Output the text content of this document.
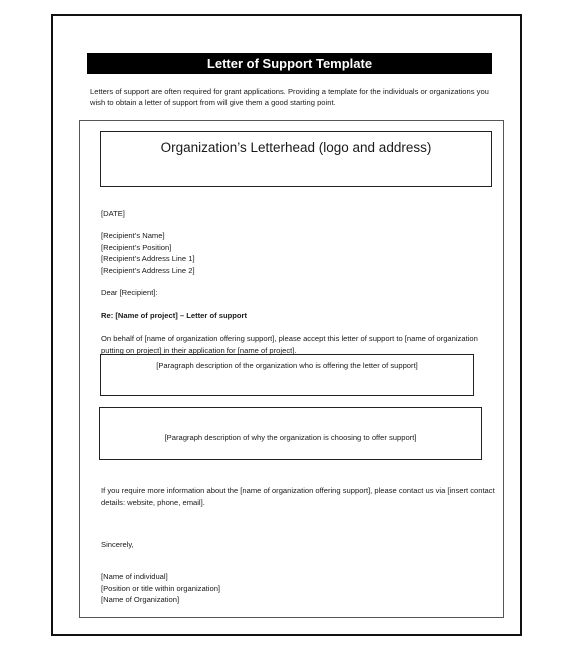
Letter of Support Template
Letters of support are often required for grant applications. Providing a template for the individuals or organizations you wish to obtain a letter of support from will give them a good starting point.
Organization’s Letterhead (logo and address)
[DATE]
[Recipient’s Name]
[Recipient’s Position]
[Recipient’s Address Line 1]
[Recipient’s Address Line 2]
Dear [Recipient]:
Re: [Name of project] – Letter of support
On behalf of [name of organization offering support], please accept this letter of support to [name of organization putting on project] in their application for [name of project].
[Paragraph description of the organization who is offering the letter of support]
[Paragraph description of why the organization is choosing to offer support]
If you require more information about the [name of organization offering support], please contact us via [insert contact details: website, phone, email].
Sincerely,
[Name of individual]
[Position or title within organization]
[Name of Organization]
